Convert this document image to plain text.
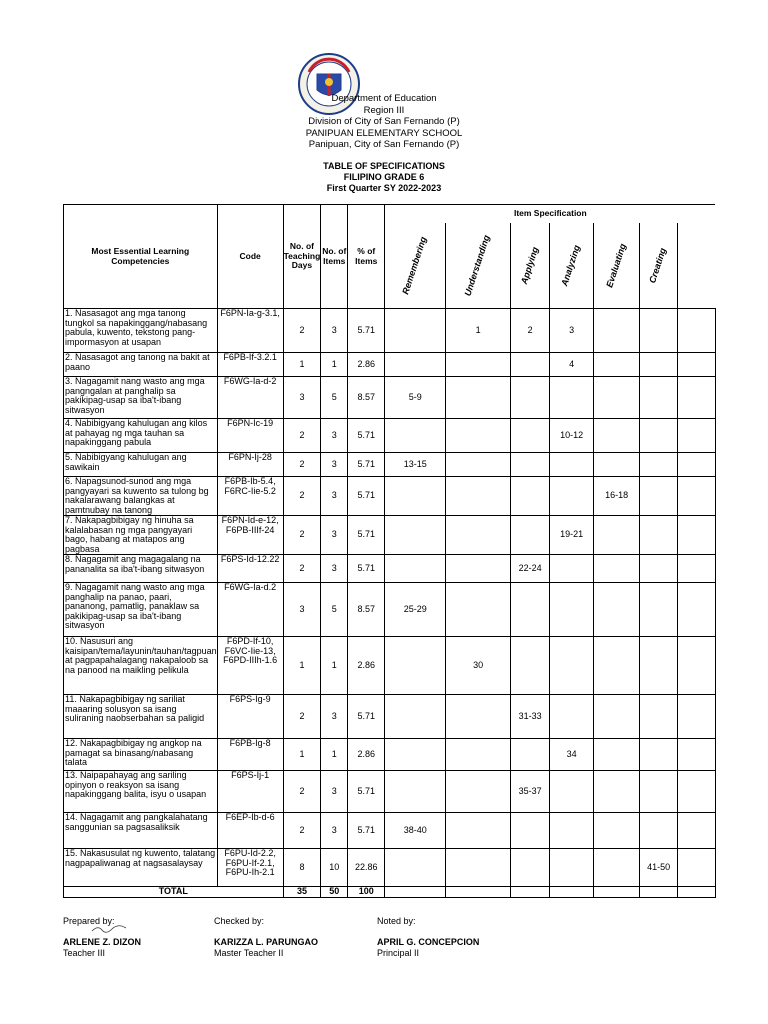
Department of Education
Region III
Division of City of San Fernando (P)
PANIPUAN ELEMENTARY SCHOOL
Panipuan, City of San Fernando (P)
TABLE OF SPECIFICATIONS
FILIPINO GRADE 6
First Quarter SY 2022-2023
Most Essential Learning Competencies	Code	No. of Teaching Days	No. of Items	% of Items	Item Specification						
					Remembering	Understanding	Applying	Analyzing	Evaluating	Creating	
1. Nasasagot ang mga tanong tungkol sa napakinggang/nabasang pabula, kuwento, tekstong pang-impormasyon at usapan	F6PN-Ia-g-3.1,	2	3	5.71		1	2	3			
2. Nasasagot ang tanong na bakit at paano	F6PB-If-3.2.1	1	1	2.86				4			
3. Nagagamit nang wasto ang mga pangngalan at panghalip sa pakikipag-usap sa iba't-ibang sitwasyon	F6WG-Ia-d-2	3	5	8.57	5-9						
4. Nabibigyang kahulugan ang kilos at pahayag ng mga tauhan sa napakinggang pabula	F6PN-Ic-19	2	3	5.71				10-12			
5. Nabibigyang kahulugan ang sawikain	F6PN-Ij-28	2	3	5.71	13-15						
6. Napagsunod-sunod ang mga pangyayari sa kuwento sa tulong bg nakalarawang balangkas at pamtnubay na tanong	F6PB-Ib-5.4, F6RC-Iie-5.2	2	3	5.71					16-18		
7. Nakapagbibigay ng hinuha sa kalalabasan ng mga pangyayari bago, habang at matapos ang pagbasa	F6PN-Id-e-12, F6PB-IIIf-24	2	3	5.71				19-21			
8. Nagagamit ang magagalang na pananalita sa iba't-ibang sitwasyon	F6PS-Id-12.22	2	3	5.71			22-24				
9. Nagagamit nang wasto ang mga panghalip na panao, paari, pananong, pamatlig, panaklaw sa pakikipag-usap sa iba't-ibang sitwasyon	F6WG-Ia-d.2	3	5	8.57	25-29						
10. Nasusuri ang kaisipan/tema/layunin/tauhan/tagpuan at pagpapahalagang nakapaloob sa na panood na maikling pelikula	F6PD-If-10, F6VC-Iie-13, F6PD-IIIh-1.6	1	1	2.86		30					
11. Nakapagbibigay ng sariliat maaaring solusyon sa isang suliraning naobserbahan sa paligid	F6PS-Ig-9	2	3	5.71			31-33				
12. Nakapagbibigay ng angkop na pamagat sa binasang/nabasang talata	F6PB-Ig-8	1	1	2.86				34			
13. Naipapahayag ang sariling opinyon o reaksyon sa isang napakinggang balita, isyu o usapan	F6PS-Ij-1	2	3	5.71			35-37				
14. Nagagamit ang pangkalahatang sanggunian sa pagsasaliksik	F6EP-Ib-d-6	2	3	5.71	38-40						
15. Nakasusulat ng kuwento, talatang nagpapaliwanag at nagsasalaysay	F6PU-Id-2.2, F6PU-If-2.1, F6PU-Ih-2.1	8	10	22.86						41-50	
TOTAL		35	50	100							
Prepared by:
ARLENE Z. DIZON
Teacher III
Checked by:
KARIZZA L. PARUNGAO
Master Teacher II
Noted by:
APRIL G. CONCEPCION
Principal II
